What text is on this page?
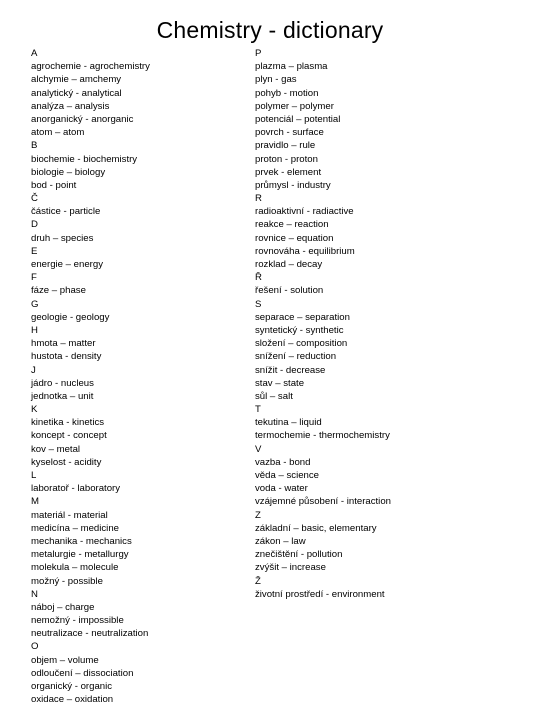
Chemistry - dictionary
A
agrochemie - agrochemistry
alchymie – amchemy
analytický - analytical
analýza – analysis
anorganický - anorganic
atom – atom
B
biochemie - biochemistry
biologie – biology
bod - point
Č
částice - particle
D
druh – species
E
energie – energy
F
fáze – phase
G
geologie - geology
H
hmota – matter
hustota - density
J
jádro - nucleus
jednotka – unit
K
kinetika - kinetics
koncept - concept
kov – metal
kyselost - acidity
L
laboratoř - laboratory
M
materiál - material
medicína – medicine
mechanika - mechanics
metalurgie - metallurgy
molekula – molecule
možný - possible
N
náboj – charge
nemožný - impossible
neutralizace - neutralization
O
objem – volume
odloučení – dissociation
organický - organic
oxidace – oxidation
P
plazma – plasma
plyn - gas
pohyb - motion
polymer – polymer
potenciál – potential
povrch - surface
pravidlo – rule
proton - proton
prvek - element
průmysl - industry
R
radioaktivní - radiactive
reakce – reaction
rovnice – equation
rovnováha - equilibrium
rozklad – decay
Ř
řešení - solution
S
separace – separation
syntetický - synthetic
složení – composition
snížení – reduction
snížit - decrease
stav – state
sůl – salt
T
tekutina – liquid
termochemie - thermochemistry
V
vazba - bond
věda – science
voda - water
vzájemné působení - interaction
Z
základní – basic, elementary
zákon – law
znečištění - pollution
zvýšit – increase
Ž
životní prostředí - environment
